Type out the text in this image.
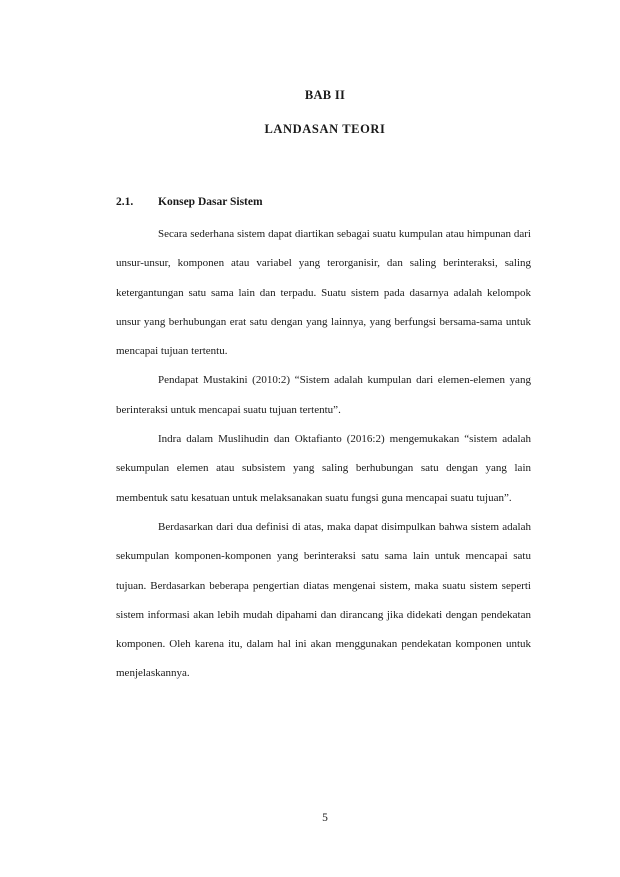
BAB II
LANDASAN TEORI
2.1.	Konsep Dasar Sistem

Secara sederhana sistem dapat diartikan sebagai suatu kumpulan atau himpunan dari unsur-unsur, komponen atau variabel yang terorganisir, dan saling berinteraksi, saling ketergantungan satu sama lain dan terpadu. Suatu sistem pada dasarnya adalah kelompok unsur yang berhubungan erat satu dengan yang lainnya, yang berfungsi bersama-sama untuk mencapai tujuan tertentu.

Pendapat Mustakini (2010:2) “Sistem adalah kumpulan dari elemen-elemen yang berinteraksi untuk mencapai suatu tujuan tertentu”.

Indra dalam Muslihudin dan Oktafianto (2016:2) mengemukakan “sistem adalah sekumpulan elemen atau subsistem yang saling berhubungan satu dengan yang lain membentuk satu kesatuan untuk melaksanakan suatu fungsi guna mencapai suatu tujuan”.

Berdasarkan dari dua definisi di atas, maka dapat disimpulkan bahwa sistem adalah sekumpulan komponen-komponen yang berinteraksi satu sama lain untuk mencapai satu tujuan. Berdasarkan beberapa pengertian diatas mengenai sistem, maka suatu sistem seperti sistem informasi akan lebih mudah dipahami dan dirancang jika didekati dengan pendekatan komponen. Oleh karena itu, dalam hal ini akan menggunakan pendekatan komponen untuk menjelaskannya.

5
